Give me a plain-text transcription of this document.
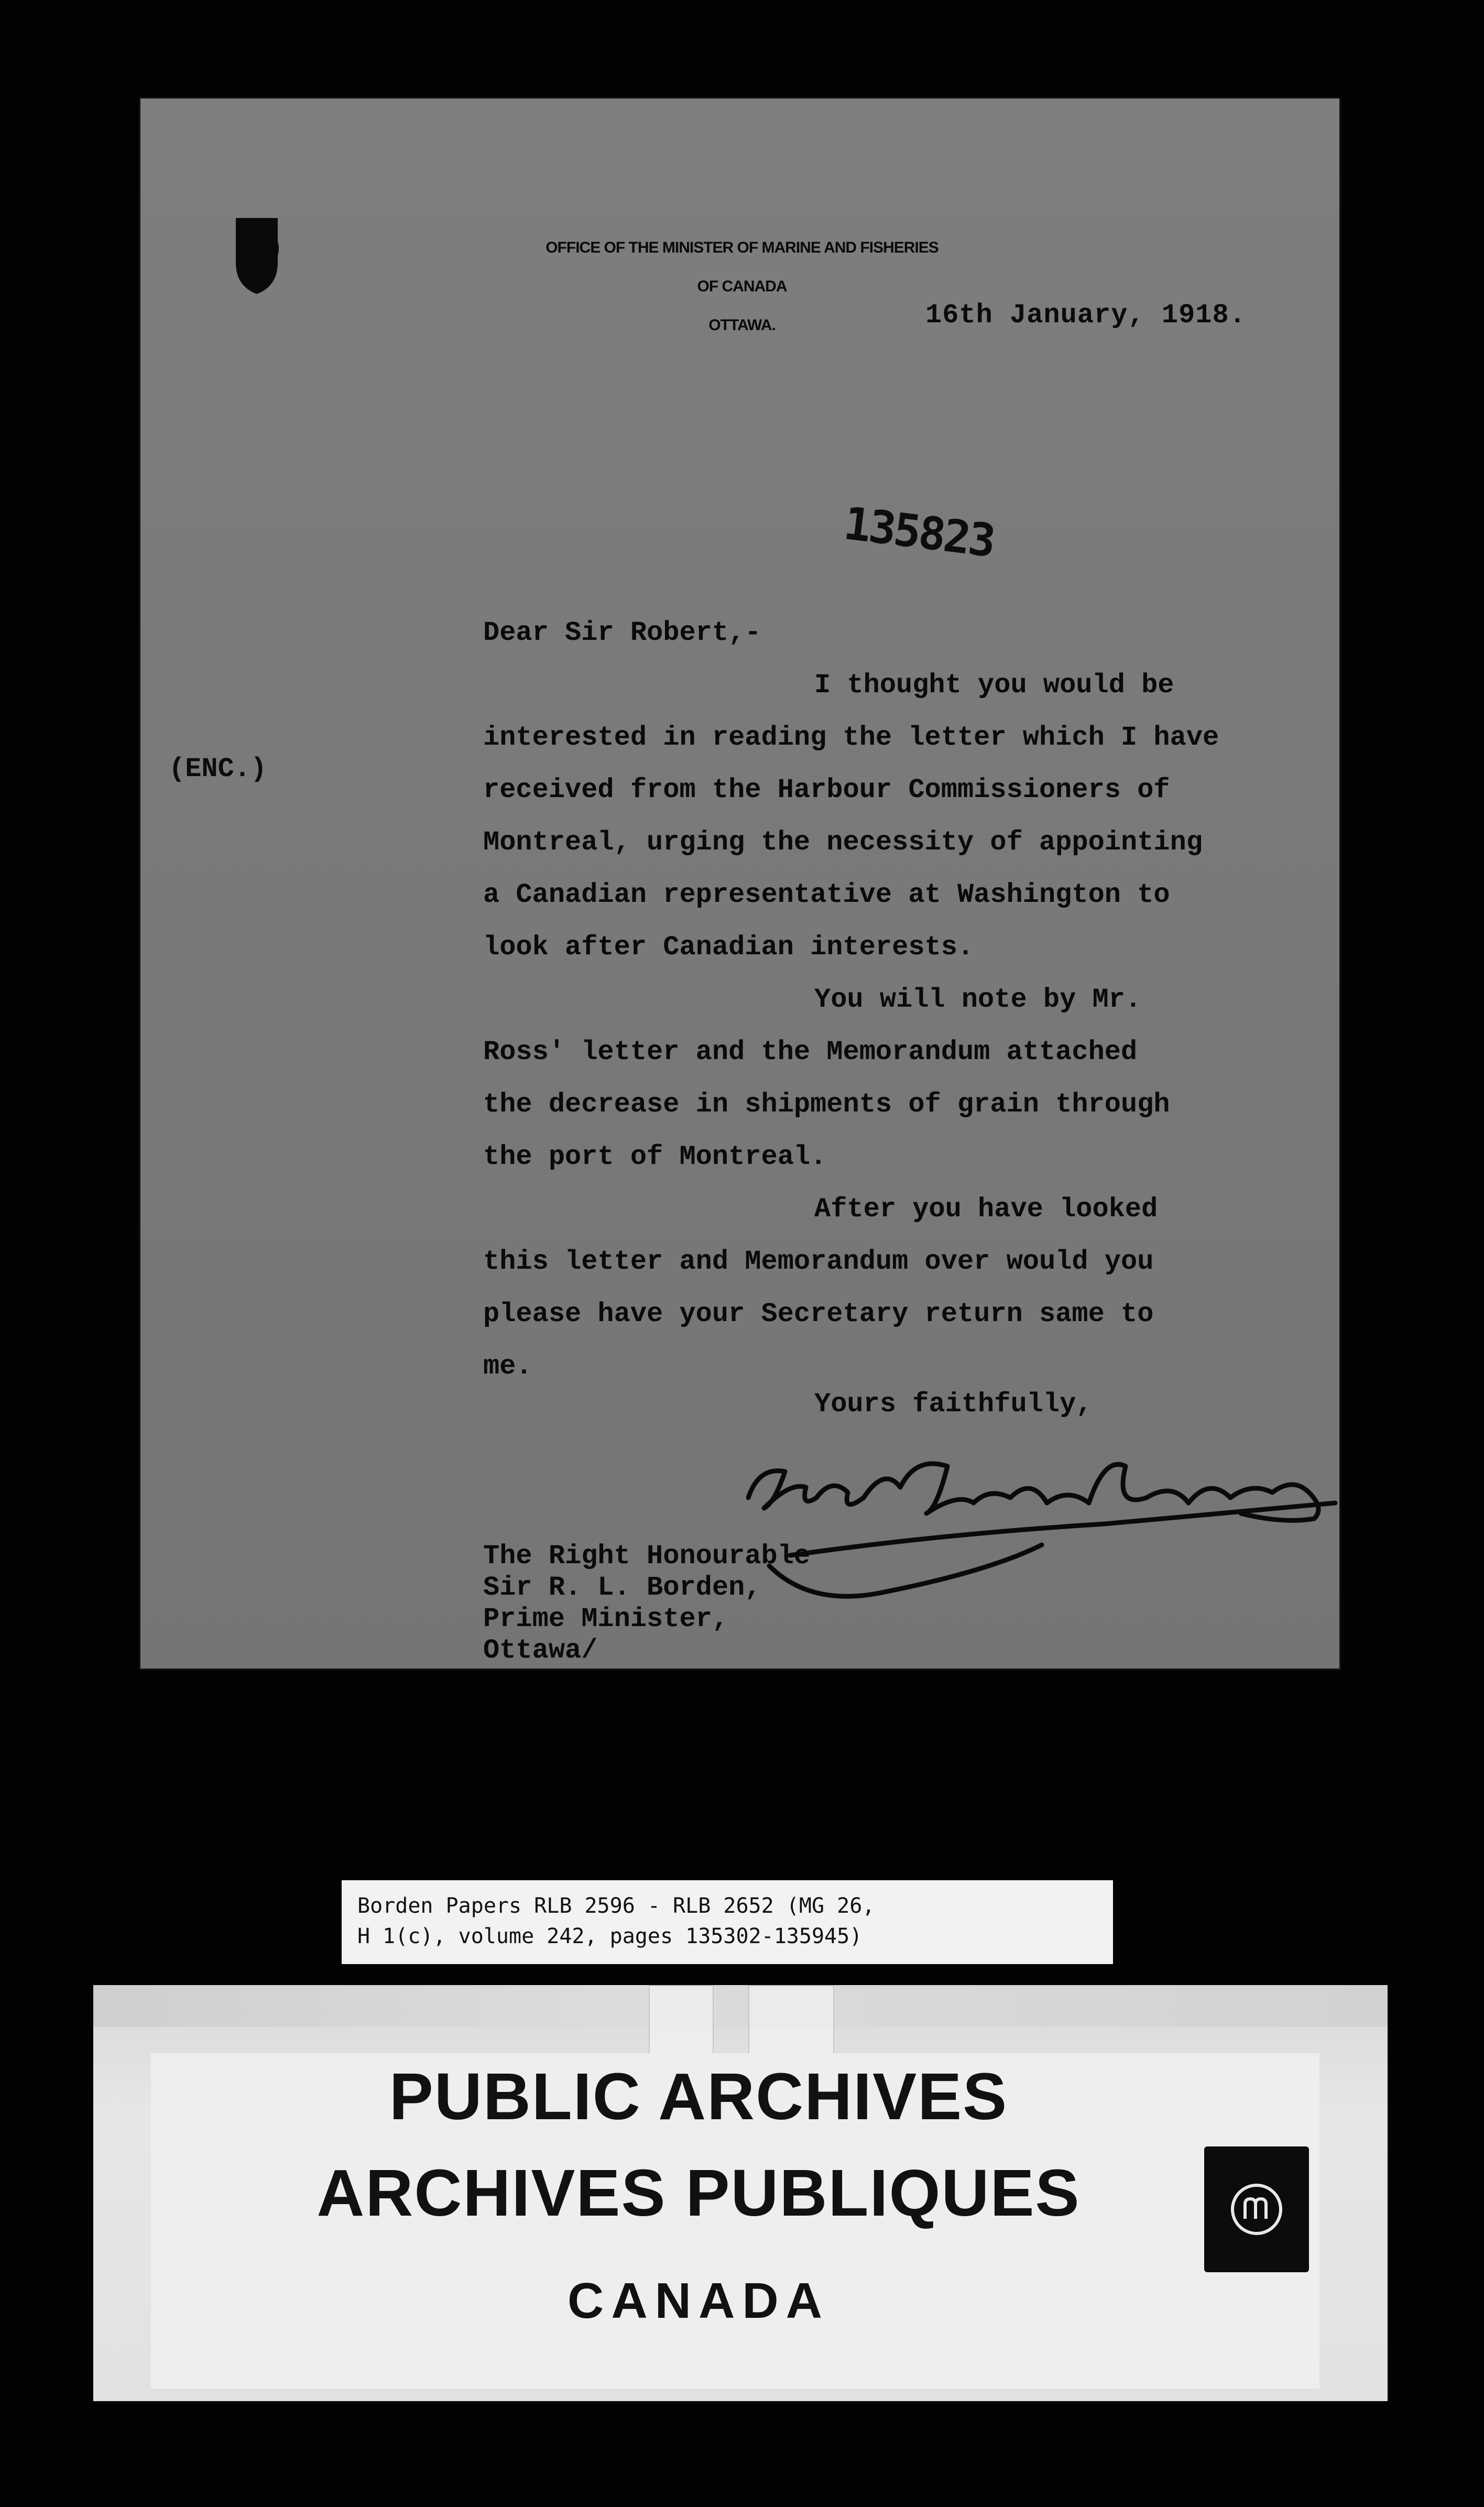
OFFICE OF THE MINISTER OF MARINE AND FISHERIES
OF CANADA
OTTAWA.	16th January, 1918.
135823
(ENC.)
Dear Sir Robert,-
I thought you would be
interested in reading the letter which I have
received from the Harbour Commissioners of
Montreal, urging the necessity of appointing
a Canadian representative at Washington to
look after Canadian interests.
You will note by Mr.
Ross' letter and the Memorandum attached
the decrease in shipments of grain through
the port of Montreal.
After you have looked
this letter and Memorandum over would you
please have your Secretary return same to
me.
Yours faithfully,
The Right Honourable
Sir R. L. Borden,
Prime Minister,
Ottawa/
Borden Papers RLB 2596 - RLB 2652 (MG 26,
H 1(c), volume 242, pages 135302-135945)
PUBLIC ARCHIVES
ARCHIVES PUBLIQUES
CANADA
